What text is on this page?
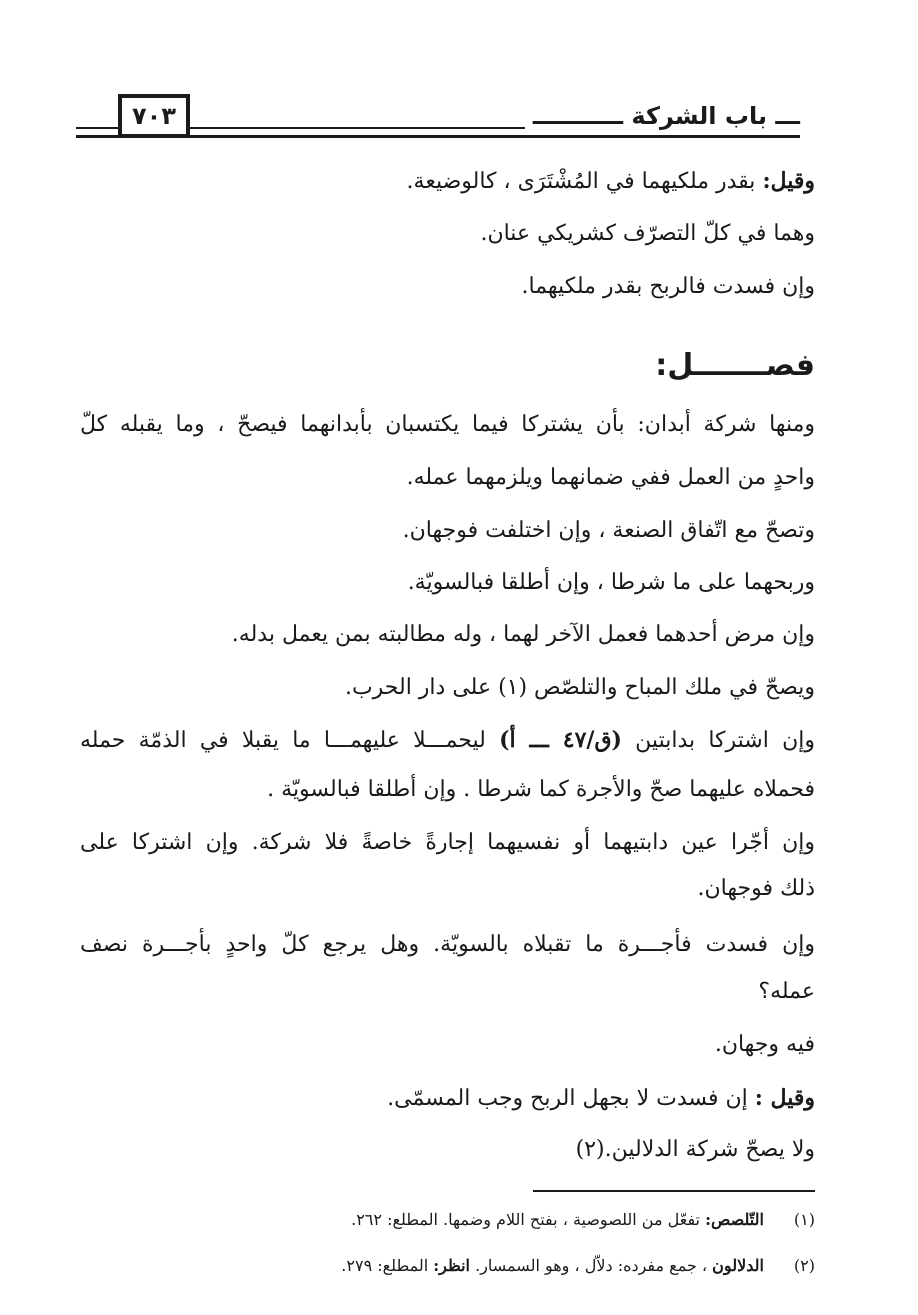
٧٠٣	ـــ باب الشركة ـــــــــــ
وقيل: بقدر ملكيهما في المُشْتَرَى ، كالوضيعة.
وهما في كلّ التصرّف كشريكي عنان.
وإن فسدت فالربح بقدر ملكيهما.
فصـــــــل:
ومنها شركة أبدان: بأن يشتركا فيما يكتسبان بأبدانهما فيصحّ ، وما يقبله كلّ
واحدٍ من العمل ففي ضمانهما ويلزمهما عمله.
وتصحّ مع اتّفاق الصنعة ، وإن اختلفت فوجهان.
وربحهما على ما شرطا ، وإن أطلقا فبالسويّة.
وإن مرض أحدهما فعمل الآخر لهما ، وله مطالبته بمن يعمل بدله.
ويصحّ في ملك المباح والتلصّص (١) على دار الحرب.
وإن اشتركا بدابتين (ق/٤٧ ـــ أ) ليحمـــلا عليهمـــا ما يقبلا في الذمّة حمله
فحملاه عليهما صحّ والأجرة كما شرطا . وإن أطلقا فبالسويّة .
وإن أجّرا عين دابتيهما أو نفسيهما إجارةً خاصةً فلا شركة. وإن اشتركا على
ذلك فوجهان.
وإن فسدت فأجـــرة ما تقبلاه بالسويّة. وهل يرجع كلّ واحدٍ بأجـــرة نصف
عمله؟
فيه وجهان.
وقيل : إن فسدت لا بجهل الربح وجب المسمّى.
ولا يصحّ شركة الدلالين.(٢)
(١) التّلصص: تفعّل من اللصوصية ، بفتح اللام وضمها. المطلع: ٢٦٢.
(٢) الدلالون ، جمع مفرده: دلاّل ، وهو السمسار. انظر: المطلع: ٢٧٩.
